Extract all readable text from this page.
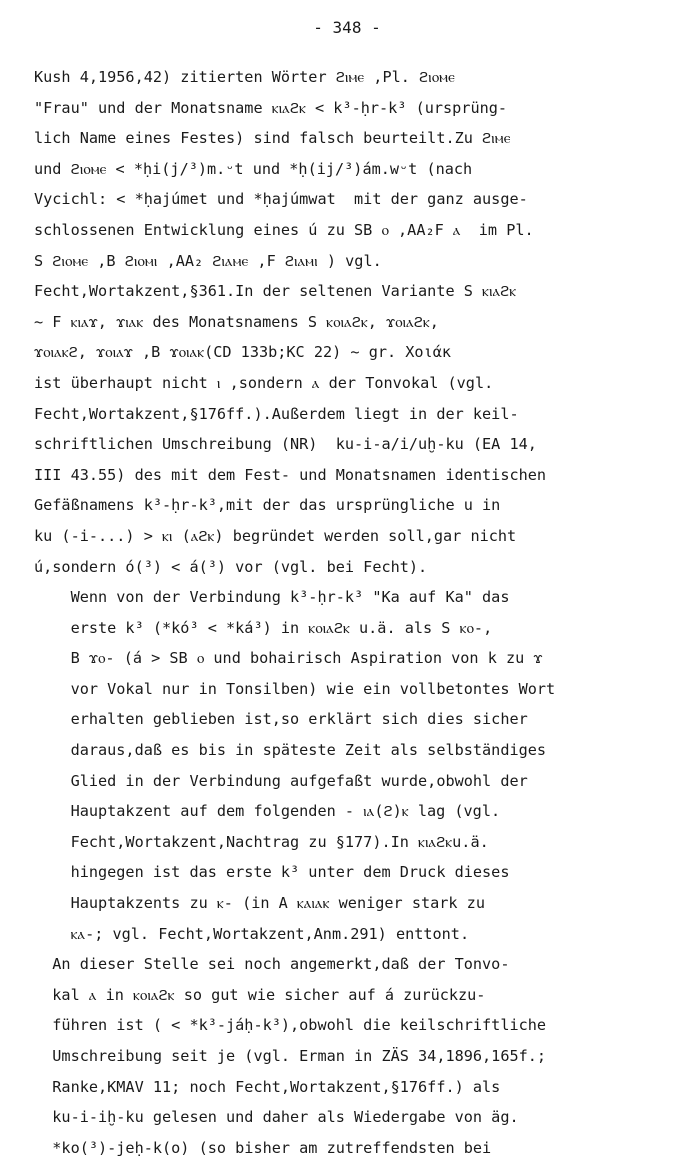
- 348 -
Kush 4,1956,42) zitierten Wörter ϩⲓⲙⲉ ,Pl. ϩⲓⲟⲙⲉ
"Frau" und der Monatsname ⲕⲓⲁϩⲕ < k³-ḥr-k³ (ursprüng-
lich Name eines Festes) sind falsch beurteilt.Zu ϩⲓⲙⲉ
und ϩⲓⲟⲙⲉ < *ḥi(j/³)m.ᵕt und *ḥ(ij/³)ám.wᵕt (nach
Vycichl: < *ḥajúmet und *ḥajúmwat  mit der ganz ausge-
schlossenen Entwicklung eines ú zu SB ⲟ ,AA₂F ⲁ  im Pl.
S ϩⲓⲟⲙⲉ ,B ϩⲓⲟⲙⲓ ,AA₂ ϩⲓⲁⲙⲉ ,F ϩⲓⲁⲙⲓ ) vgl.
Fecht,Wortakzent,§361.In der seltenen Variante S ⲕⲓⲁϩⲕ
~ F ⲕⲓⲁϫ, ϫⲓⲁⲕ des Monatsnamens S ⲕⲟⲓⲁϩⲕ, ϫⲟⲓⲁϩⲕ,
ϫⲟⲓⲁⲕϩ, ϫⲟⲓⲁϫ ,B ϫⲟⲓⲁⲕ(CD 133b;KC 22) ~ gr. Χοιάκ
ist überhaupt nicht ⲓ ,sondern ⲁ der Tonvokal (vgl.
Fecht,Wortakzent,§176ff.).Außerdem liegt in der keil-
schriftlichen Umschreibung (NR)  ku-i-a/i/uḫ-ku (EA 14,
III 43.55) des mit dem Fest- und Monatsnamen identischen
Gefäßnamens k³-ḥr-k³,mit der das ursprüngliche u in
ku (-i-...) > ⲕⲓ (ⲁϩⲕ) begründet werden soll,gar nicht
ú,sondern ó(³) < á(³) vor (vgl. bei Fecht).
Wenn von der Verbindung k³-ḥr-k³ "Ka auf Ka" das
erste k³ (*kó³ < *ká³) in ⲕⲟⲓⲁϩⲕ u.ä. als S ⲕⲟ-,
B ϫⲟ- (á > SB ⲟ und bohairisch Aspiration von k zu ϫ
vor Vokal nur in Tonsilben) wie ein vollbetontes Wort
erhalten geblieben ist,so erklärt sich dies sicher
daraus,daß es bis in späteste Zeit als selbständiges
Glied in der Verbindung aufgefaßt wurde,obwohl der
Hauptakzent auf dem folgenden - ⲓⲁ(ϩ)ⲕ lag (vgl.
Fecht,Wortakzent,Nachtrag zu §177).In ⲕⲓⲁϩⲕu.ä.
hingegen ist das erste k³ unter dem Druck dieses
Hauptakzents zu ⲕ- (in A ⲕⲁⲓⲁⲕ weniger stark zu
ⲕⲁ-; vgl. Fecht,Wortakzent,Anm.291) enttont.
An dieser Stelle sei noch angemerkt,daß der Tonvo-
kal ⲁ in ⲕⲟⲓⲁϩⲕ so gut wie sicher auf á zurückzu-
führen ist ( < *k³-jáḥ-k³),obwohl die keilschriftliche
Umschreibung seit je (vgl. Erman in ZÄS 34,1896,165f.;
Ranke,KMAV 11; noch Fecht,Wortakzent,§176ff.) als
ku-i-iḫ-ku gelesen und daher als Wiedergabe von äg.
*ko(³)-jeḥ-k(o) (so bisher am zutreffendsten bei
